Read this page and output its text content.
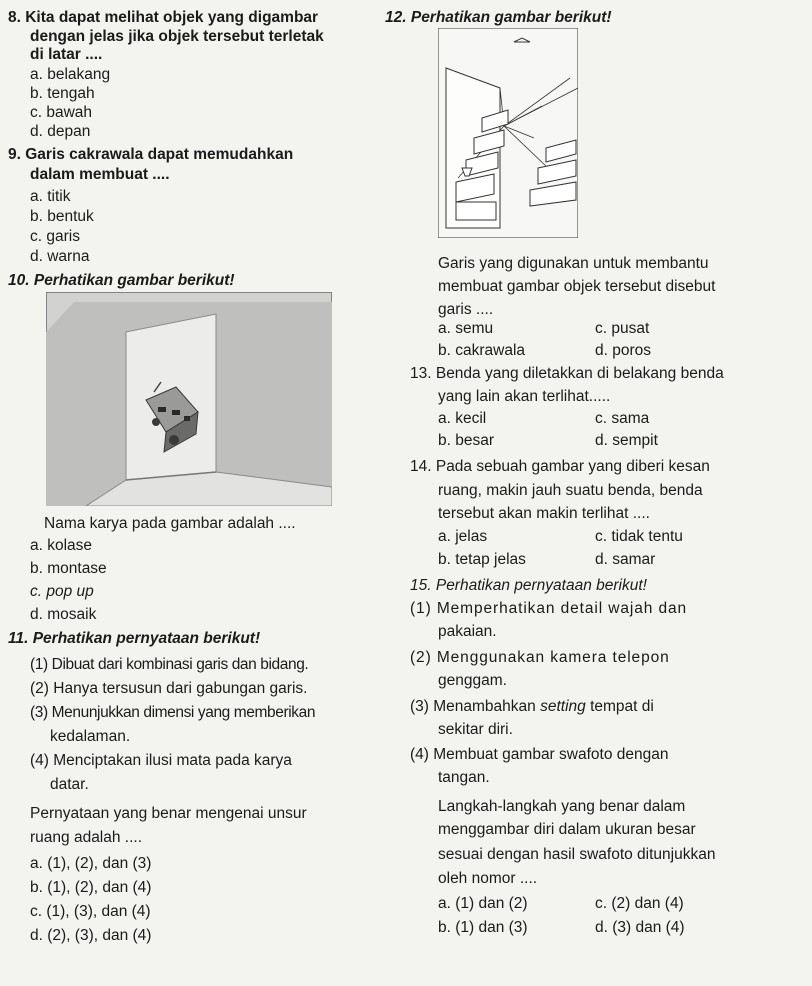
8. Kita dapat melihat objek yang digambar
dengan jelas jika objek tersebut terletak
di latar ....
a. belakang
b. tengah
c. bawah
d. depan
9. Garis cakrawala dapat memudahkan
dalam membuat ....
a. titik
b. bentuk
c. garis
d. warna
10. Perhatikan gambar berikut!
Nama karya pada gambar adalah ....
a. kolase
b. montase
c. pop up
d. mosaik
11. Perhatikan pernyataan berikut!
(1) Dibuat dari kombinasi garis dan bidang.
(2) Hanya tersusun dari gabungan garis.
(3) Menunjukkan dimensi yang memberikan
kedalaman.
(4) Menciptakan ilusi mata pada karya
datar.
Pernyataan yang benar mengenai unsur
ruang adalah ....
a. (1), (2), dan (3)
b. (1), (2), dan (4)
c. (1), (3), dan (4)
d. (2), (3), dan (4)
12. Perhatikan gambar berikut!
Garis yang digunakan untuk membantu
membuat gambar objek tersebut disebut
garis ....
a. semu	c. pusat
b. cakrawala	d. poros
13. Benda yang diletakkan di belakang benda
yang lain akan terlihat.....
a. kecil	c. sama
b. besar	d. sempit
14. Pada sebuah gambar yang diberi kesan
ruang, makin jauh suatu benda, benda
tersebut akan makin terlihat ....
a. jelas	c. tidak tentu
b. tetap jelas	d. samar
15. Perhatikan pernyataan berikut!
(1) Memperhatikan detail wajah dan
pakaian.
(2) Menggunakan kamera telepon
genggam.
(3) Menambahkan setting tempat di
sekitar diri.
(4) Membuat gambar swafoto dengan
tangan.
Langkah-langkah yang benar dalam
menggambar diri dalam ukuran besar
sesuai dengan hasil swafoto ditunjukkan
oleh nomor ....
a. (1) dan (2)	c. (2) dan (4)
b. (1) dan (3)	d. (3) dan (4)
